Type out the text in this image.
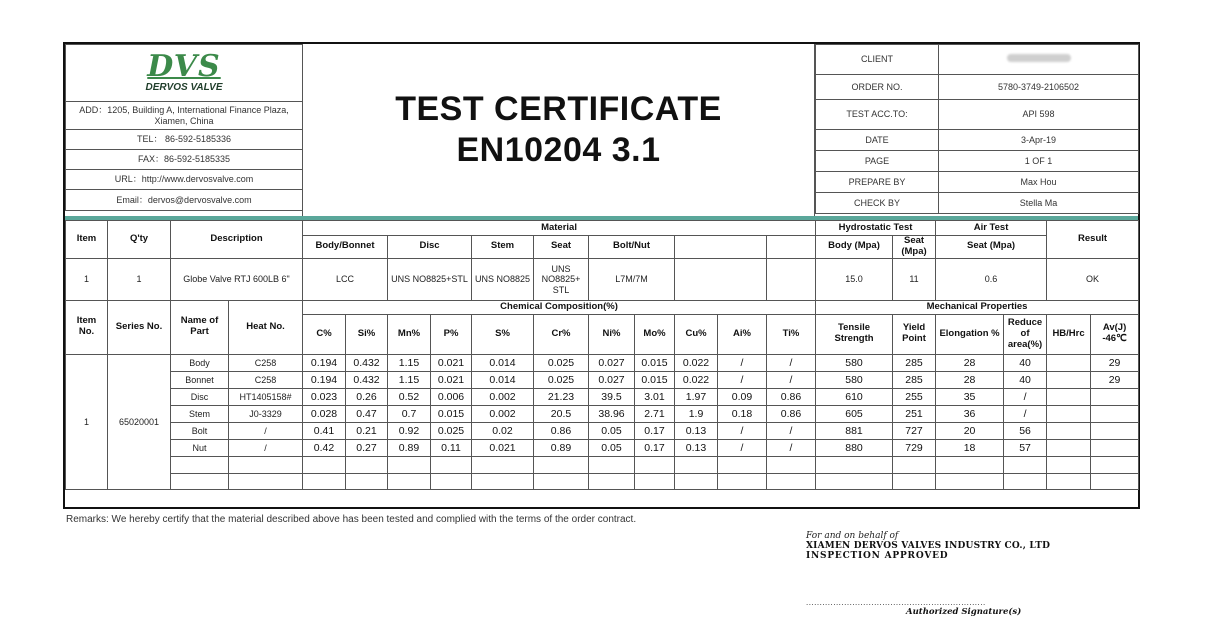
DVS
DERVOS VALVE

ADD：1205, Building A, International Finance Plaza, Xiamen, China
TEL： 86-592-5185336
FAX：86-592-5185335
URL：http://www.dervosvalve.com
Email：dervos@dervosvalve.com
TEST CERTIFICATE
EN10204 3.1
CLIENT	
ORDER NO.	5780-3749-2106502
TEST ACC.TO:	API 598
DATE	3-Apr-19
PAGE	1 OF 1
PREPARE BY	Max Hou
CHECK BY	Stella Ma
Item	Q'ty	Description		Material											Hydrostatic Test		Air Test		Result	
				Body/Bonnet		Disc		Stem	Seat	Bolt/Nut					Body (Mpa)	Seat (Mpa)	Seat (Mpa)			
1	1	Globe Valve RTJ 600LB 6"		LCC		UNS NO8825+STL		UNS NO8825	UNS NO8825+ STL	L7M/7M					15.0	11	0.6		OK	
Item No.	Series No.	Name of Part	Heat No.	Chemical Composition(%)											Mechanical Properties					
				C%	Si%	Mn%	P%	S%	Cr%	Ni%	Mo%	Cu%	Ai%	Ti%	Tensile Strength	Yield Point	Elongation %	Reduce of area(%)	HB/Hrc	Av(J) -46℃
1	65020001	Body	C258	0.194	0.432	1.15	0.021	0.014	0.025	0.027	0.015	0.022	/	/	580	285	28	40		29
		Bonnet	C258	0.194	0.432	1.15	0.021	0.014	0.025	0.027	0.015	0.022	/	/	580	285	28	40		29
		Disc	HT1405158#	0.023	0.26	0.52	0.006	0.002	21.23	39.5	3.01	1.97	0.09	0.86	610	255	35	/		
		Stem	J0-3329	0.028	0.47	0.7	0.015	0.002	20.5	38.96	2.71	1.9	0.18	0.86	605	251	36	/		
		Bolt	/	0.41	0.21	0.92	0.025	0.02	0.86	0.05	0.17	0.13	/	/	881	727	20	56		
		Nut	/	0.42	0.27	0.89	0.11	0.021	0.89	0.05	0.17	0.13	/	/	880	729	18	57		

Remarks: We hereby certify that the material described above has been tested and complied with the terms of the order contract.
For and on behalf of
XIAMEN DERVOS VALVES INDUSTRY CO., LTD
INSPECTION APPROVED
..................................................................
Authorized Signature(s)
